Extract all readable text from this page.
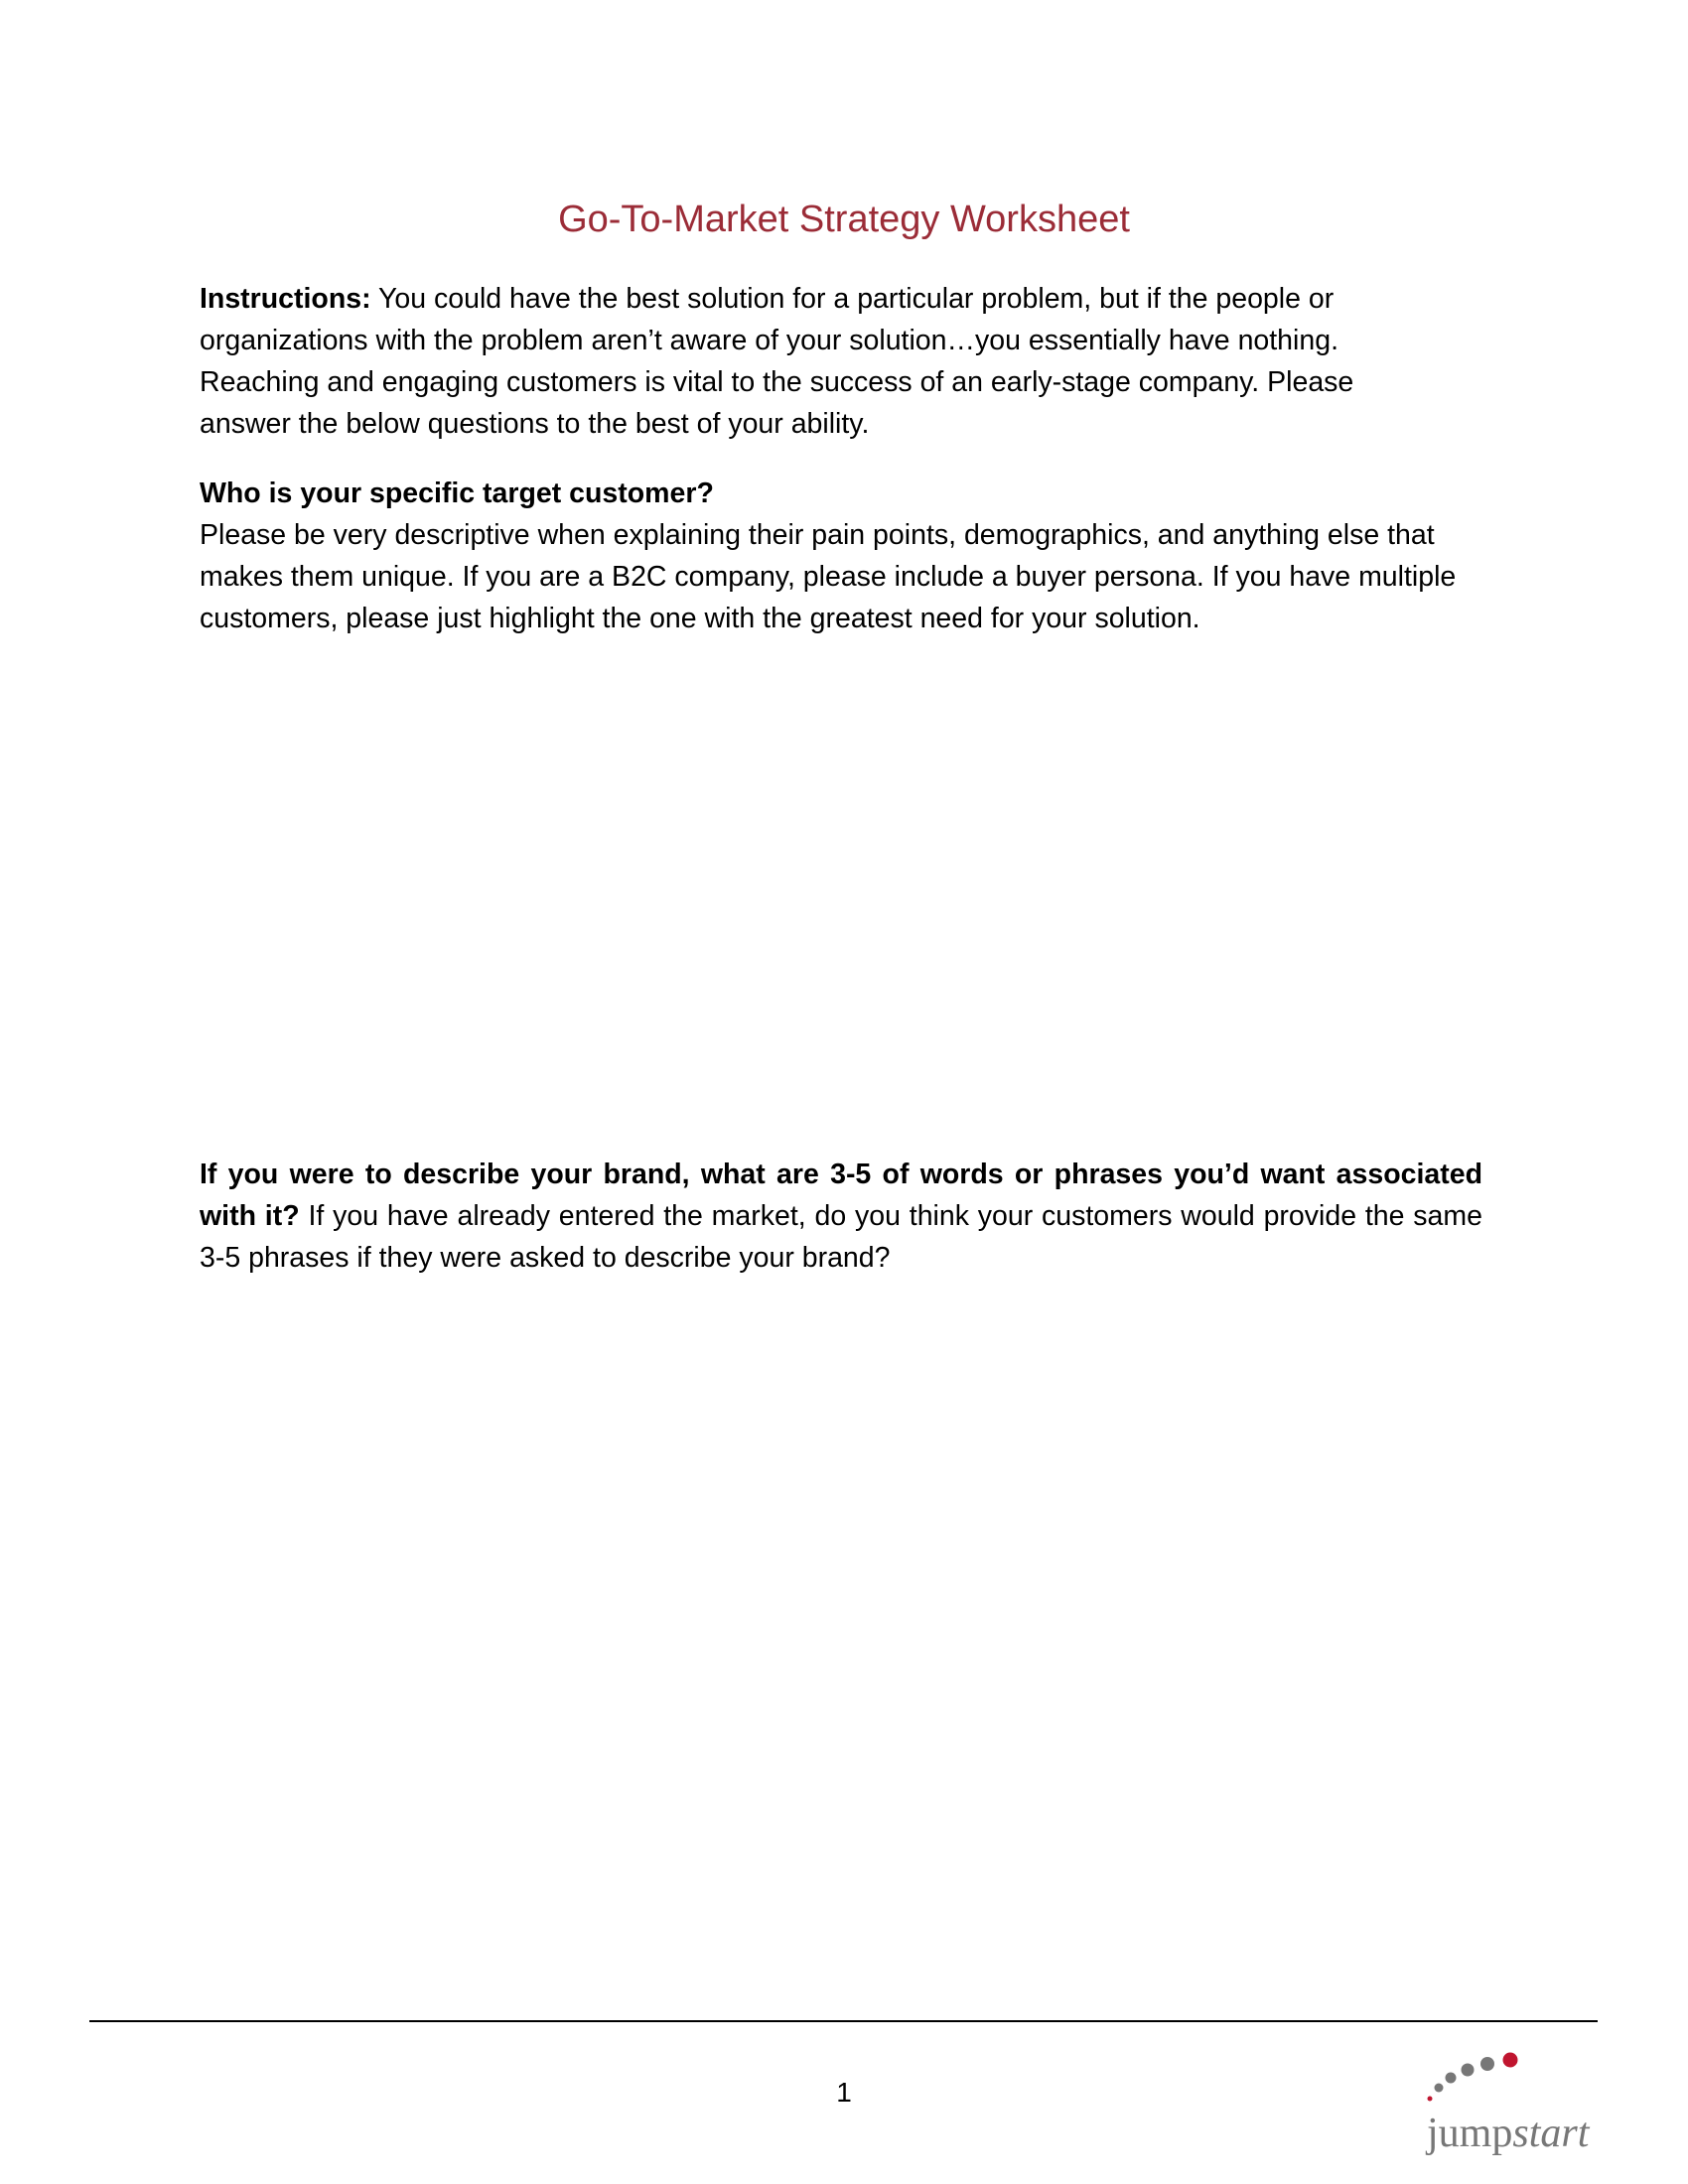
Go-To-Market Strategy Worksheet
Instructions: You could have the best solution for a particular problem, but if the people or organizations with the problem aren’t aware of your solution…you essentially have nothing. Reaching and engaging customers is vital to the success of an early-stage company. Please answer the below questions to the best of your ability.
Who is your specific target customer?
Please be very descriptive when explaining their pain points, demographics, and anything else that makes them unique. If you are a B2C company, please include a buyer persona. If you have multiple customers, please just highlight the one with the greatest need for your solution.
If you were to describe your brand, what are 3-5 of words or phrases you’d want associated with it? If you have already entered the market, do you think your customers would provide the same 3-5 phrases if they were asked to describe your brand?
1
jumpstart
